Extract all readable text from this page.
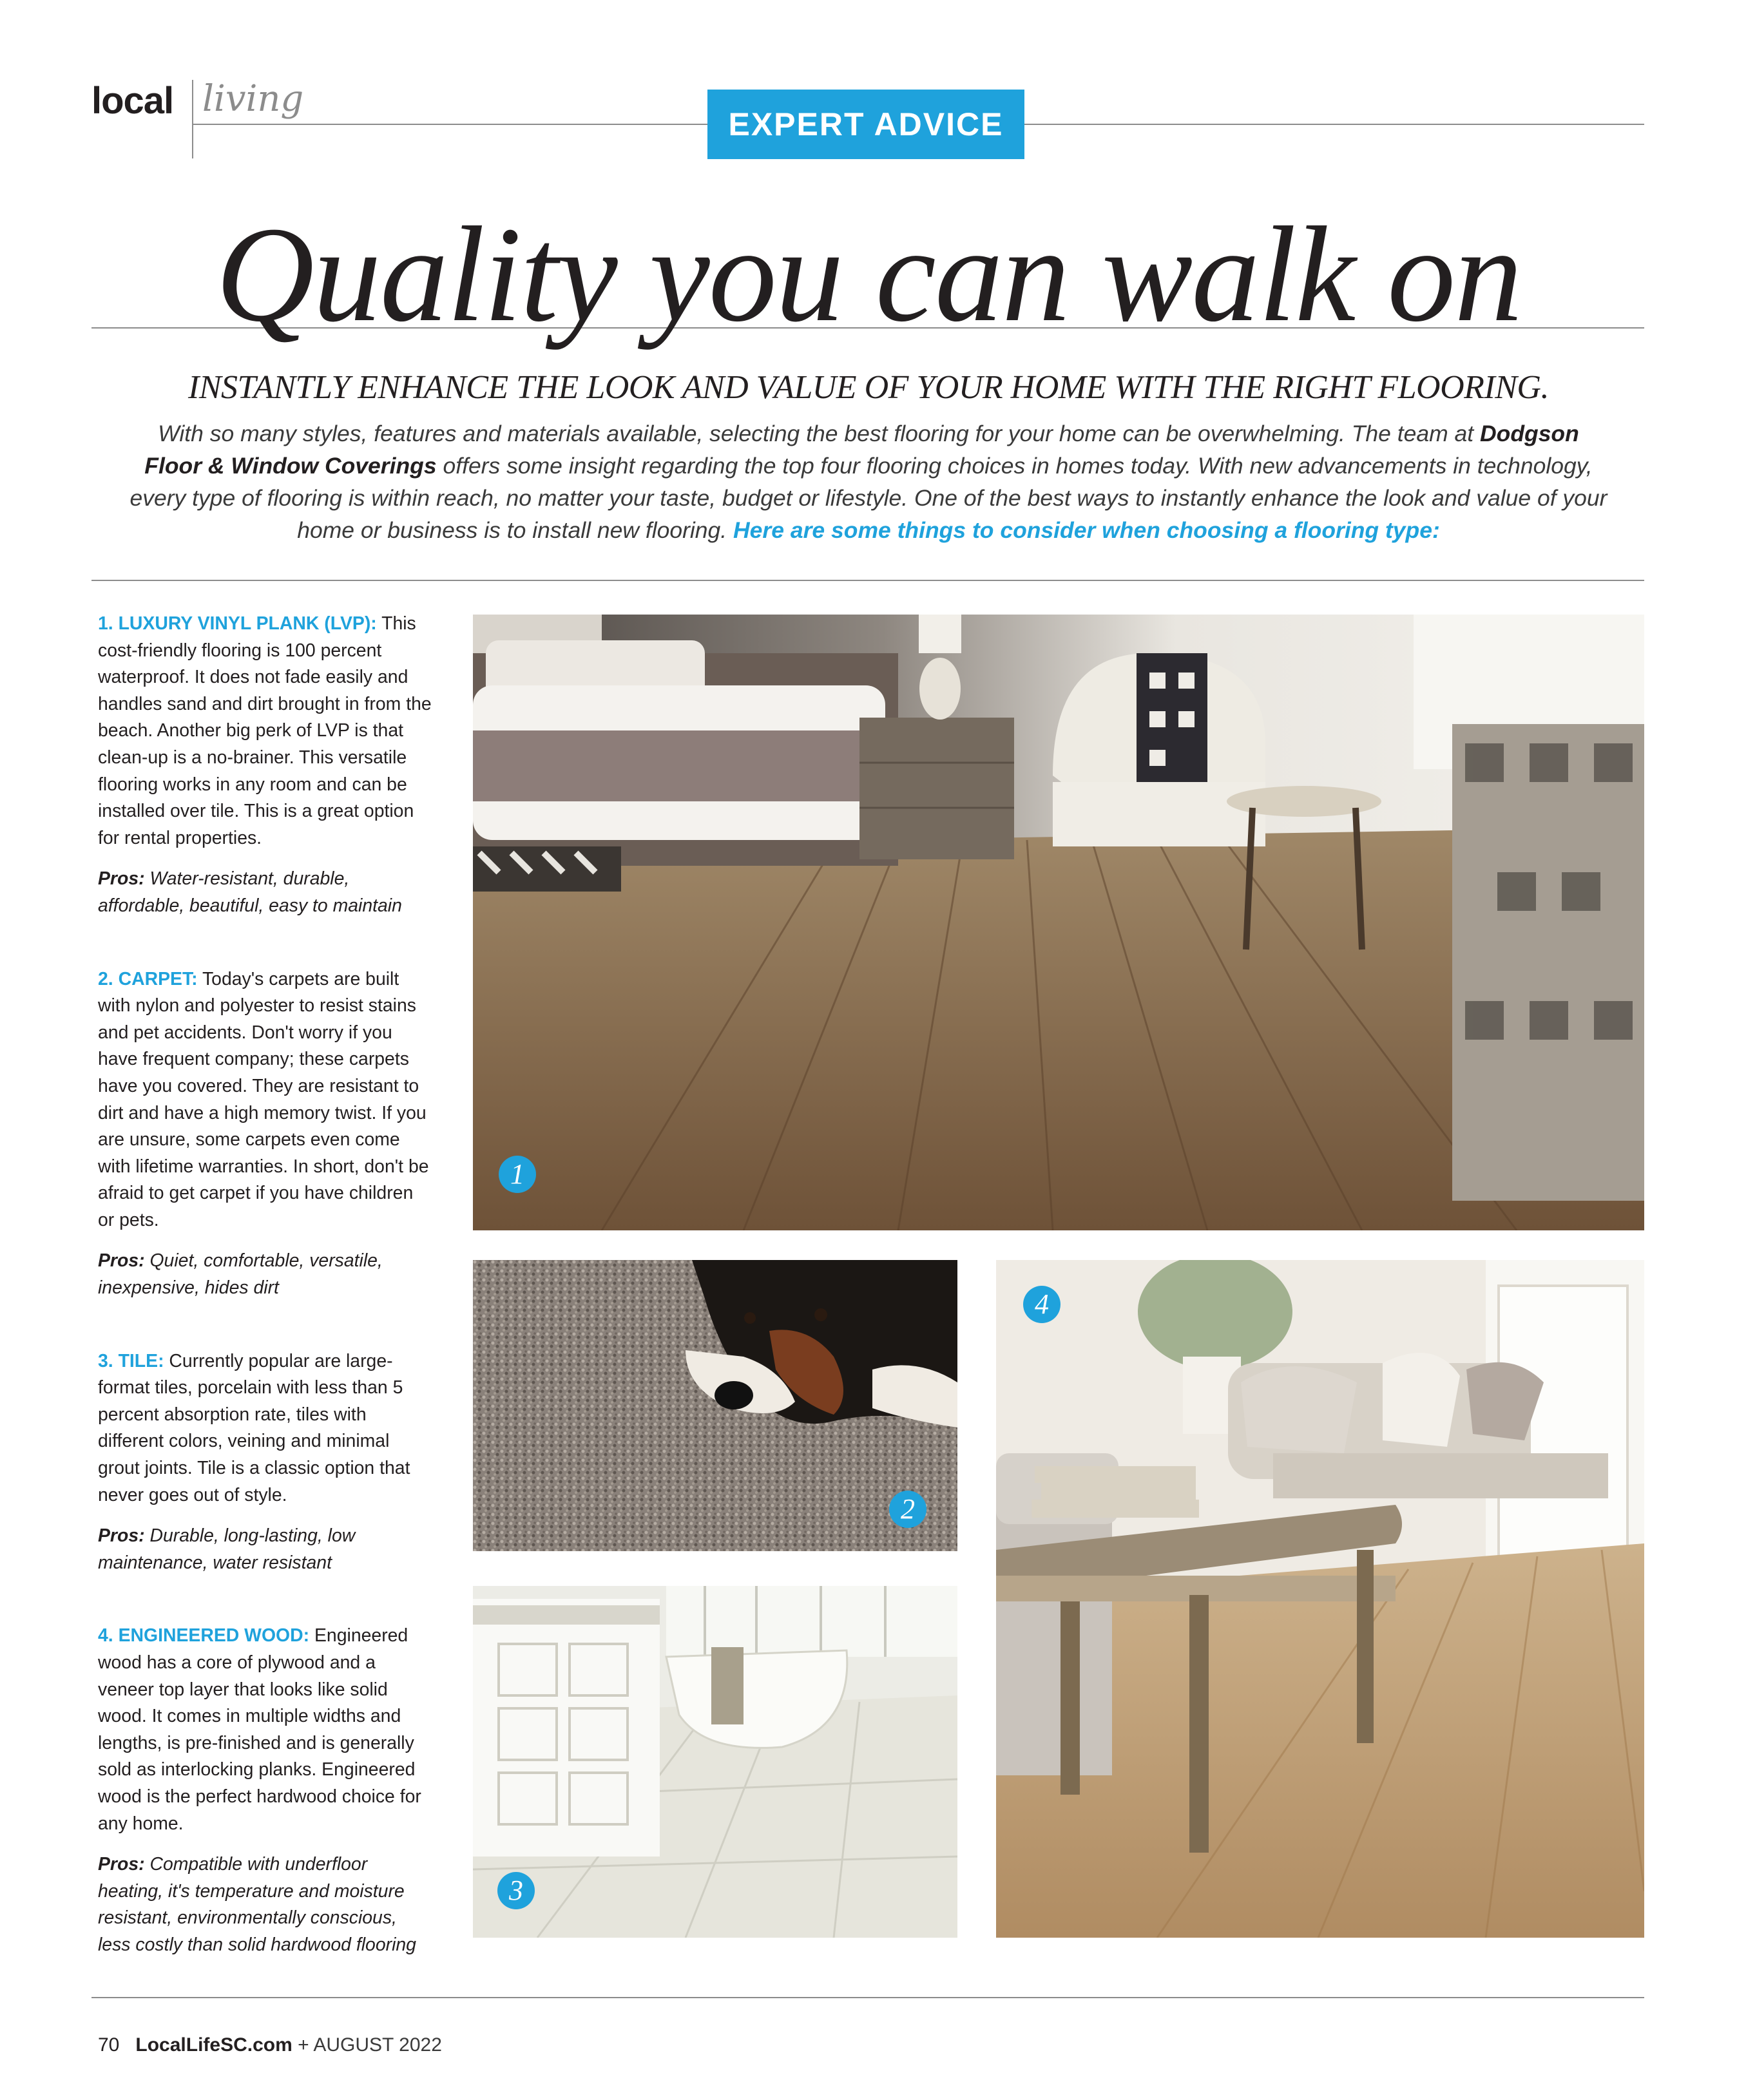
local living
EXPERT ADVICE
Quality you can walk on
INSTANTLY ENHANCE THE LOOK AND VALUE OF YOUR HOME WITH THE RIGHT FLOORING.
With so many styles, features and materials available, selecting the best flooring for your home can be overwhelming. The team at Dodgson Floor & Window Coverings offers some insight regarding the top four flooring choices in homes today. With new advancements in technology, every type of flooring is within reach, no matter your taste, budget or lifestyle. One of the best ways to instantly enhance the look and value of your home or business is to install new flooring. Here are some things to consider when choosing a flooring type:

1. LUXURY VINYL PLANK (LVP): This cost-friendly flooring is 100 percent waterproof. It does not fade easily and handles sand and dirt brought in from the beach. Another big perk of LVP is that clean-up is a no-brainer. This versatile flooring works in any room and can be installed over tile. This is a great option for rental properties.

Pros: Water-resistant, durable, affordable, beautiful, easy to maintain

2. CARPET: Today's carpets are built with nylon and polyester to resist stains and pet accidents. Don't worry if you have frequent company; these carpets have you covered. They are resistant to dirt and have a high memory twist. If you are unsure, some carpets even come with lifetime warranties. In short, don't be afraid to get carpet if you have children or pets.

Pros: Quiet, comfortable, versatile, inexpensive, hides dirt

3. TILE: Currently popular are large-format tiles, porcelain with less than 5 percent absorption rate, tiles with different colors, veining and minimal grout joints. Tile is a classic option that never goes out of style.

Pros: Durable, long-lasting, low maintenance, water resistant

4. ENGINEERED WOOD: Engineered wood has a core of plywood and a veneer top layer that looks like solid wood. It comes in multiple widths and lengths, is pre-finished and is generally sold as interlocking planks. Engineered wood is the perfect hardwood choice for any home.

Pros: Compatible with underfloor heating, it's temperature and moisture resistant, environmentally conscious, less costly than solid hardwood flooring

1
2
3
4
70 LocalLifeSC.com + AUGUST 2022
